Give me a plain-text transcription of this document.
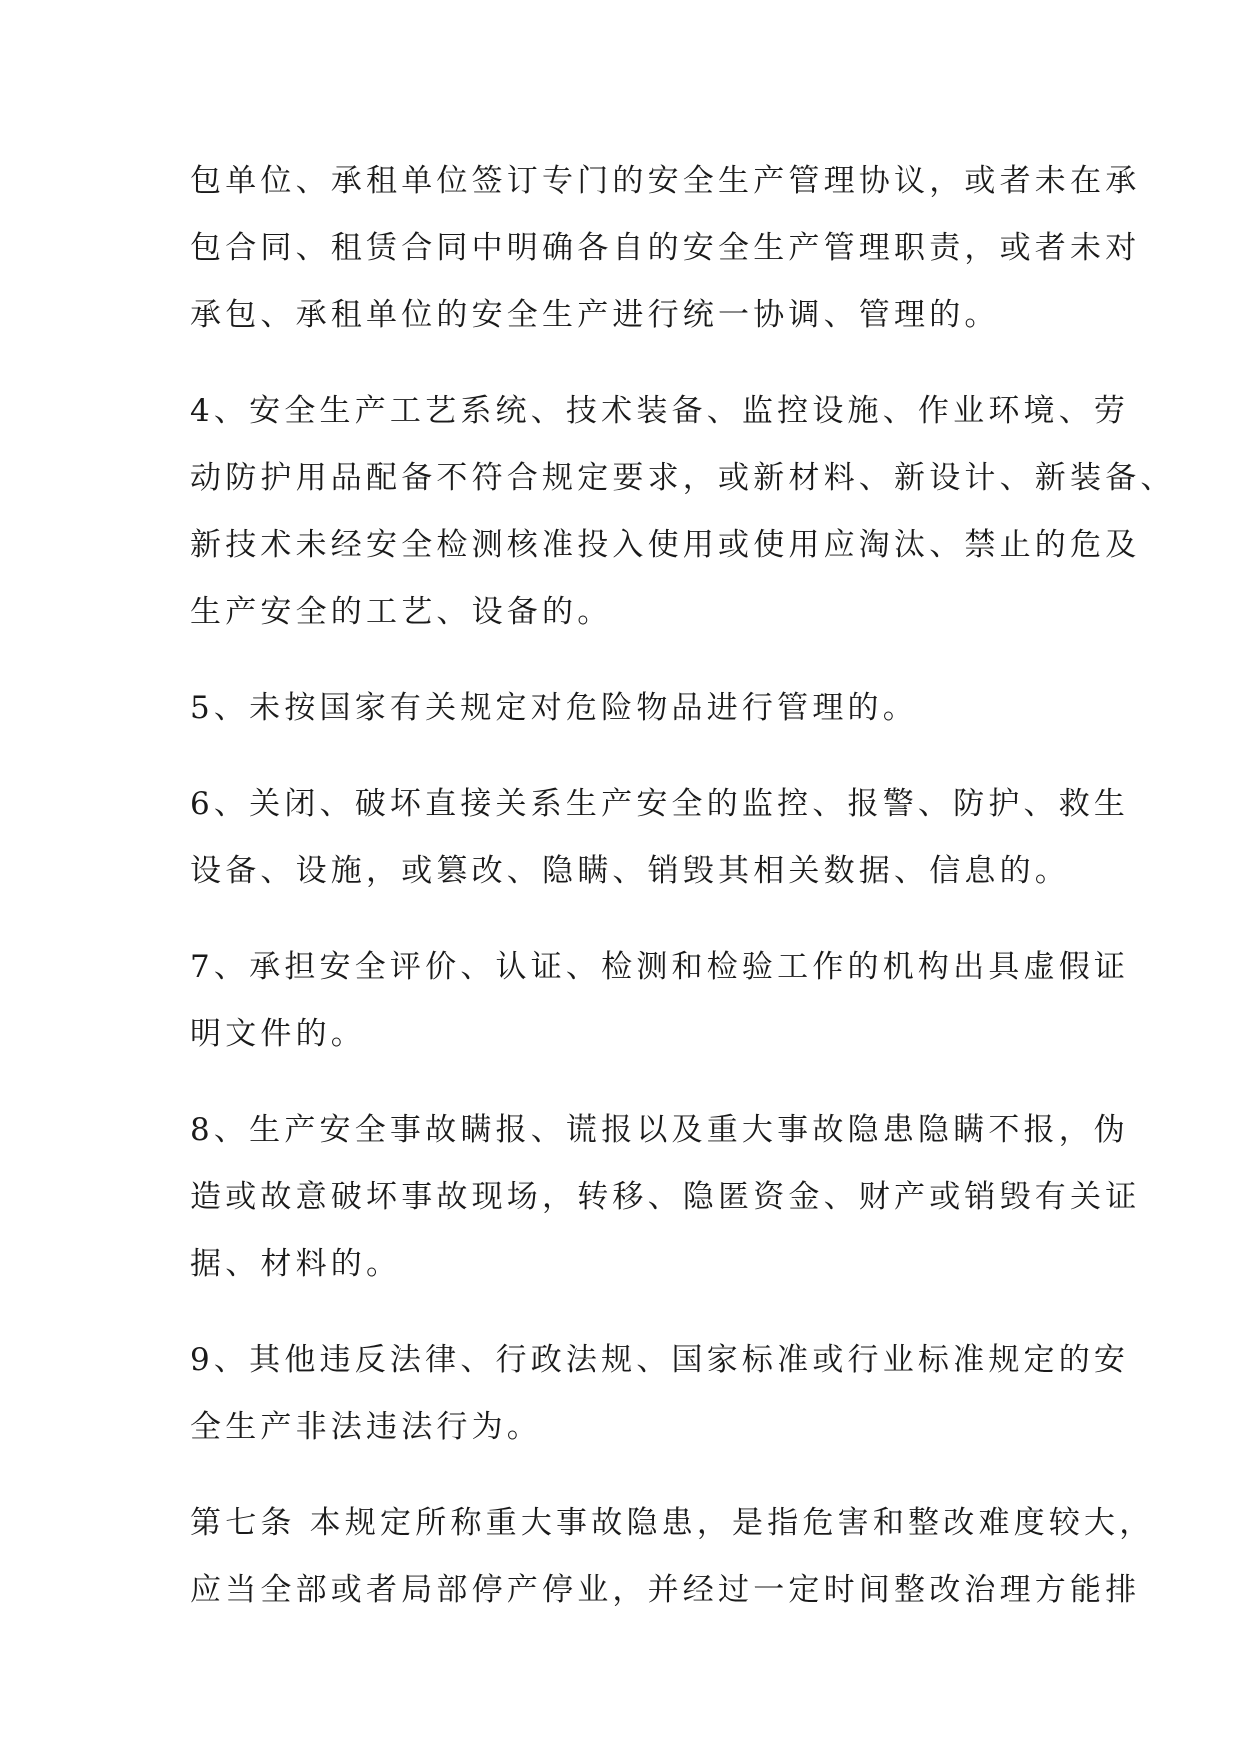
包单位、承租单位签订专门的安全生产管理协议，或者未在承
包合同、租赁合同中明确各自的安全生产管理职责，或者未对
承包、承租单位的安全生产进行统一协调、管理的。

4、安全生产工艺系统、技术装备、监控设施、作业环境、劳
动防护用品配备不符合规定要求，或新材料、新设计、新装备、
新技术未经安全检测核准投入使用或使用应淘汰、禁止的危及
生产安全的工艺、设备的。

5、未按国家有关规定对危险物品进行管理的。

6、关闭、破坏直接关系生产安全的监控、报警、防护、救生
设备、设施，或篡改、隐瞒、销毁其相关数据、信息的。

7、承担安全评价、认证、检测和检验工作的机构出具虚假证
明文件的。

8、生产安全事故瞒报、谎报以及重大事故隐患隐瞒不报，伪
造或故意破坏事故现场，转移、隐匿资金、财产或销毁有关证
据、材料的。

9、其他违反法律、行政法规、国家标准或行业标准规定的安
全生产非法违法行为。

第七条 本规定所称重大事故隐患，是指危害和整改难度较大，
应当全部或者局部停产停业，并经过一定时间整改治理方能排
